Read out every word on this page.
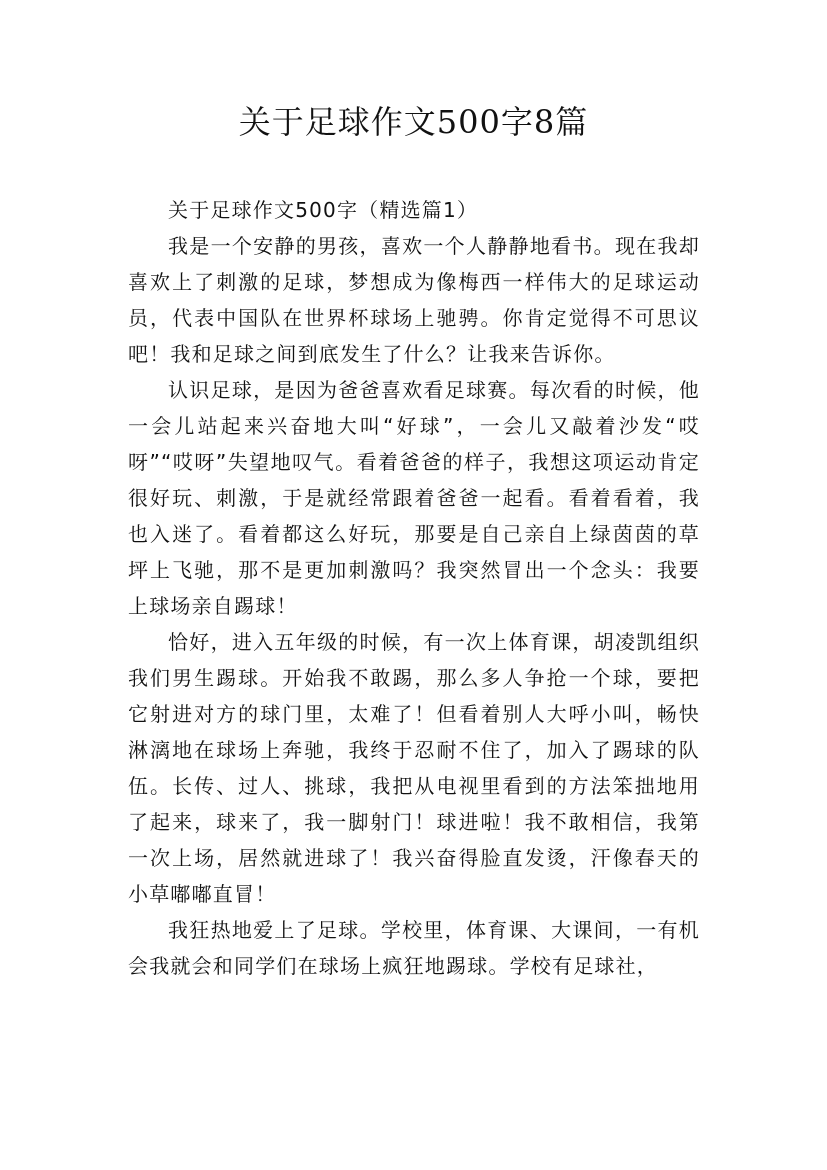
关于足球作文500字8篇

关于足球作文500字（精选篇1）

我是一个安静的男孩，喜欢一个人静静地看书。现在我却喜欢上了刺激的足球，梦想成为像梅西一样伟大的足球运动员，代表中国队在世界杯球场上驰骋。你肯定觉得不可思议吧！我和足球之间到底发生了什么？让我来告诉你。

认识足球，是因为爸爸喜欢看足球赛。每次看的时候，他一会儿站起来兴奋地大叫“好球”，一会儿又敲着沙发“哎呀”“哎呀”失望地叹气。看着爸爸的样子，我想这项运动肯定很好玩、刺激，于是就经常跟着爸爸一起看。看着看着，我也入迷了。看着都这么好玩，那要是自己亲自上绿茵茵的草坪上飞驰，那不是更加刺激吗？我突然冒出一个念头：我要上球场亲自踢球！

恰好，进入五年级的时候，有一次上体育课，胡凌凯组织我们男生踢球。开始我不敢踢，那么多人争抢一个球，要把它射进对方的球门里，太难了！但看着别人大呼小叫，畅快淋漓地在球场上奔驰，我终于忍耐不住了，加入了踢球的队伍。长传、过人、挑球，我把从电视里看到的方法笨拙地用了起来，球来了，我一脚射门！球进啦！我不敢相信，我第一次上场，居然就进球了！我兴奋得脸直发烫，汗像春天的小草嘟嘟直冒！

我狂热地爱上了足球。学校里，体育课、大课间，一有机会我就会和同学们在球场上疯狂地踢球。学校有足球社，
